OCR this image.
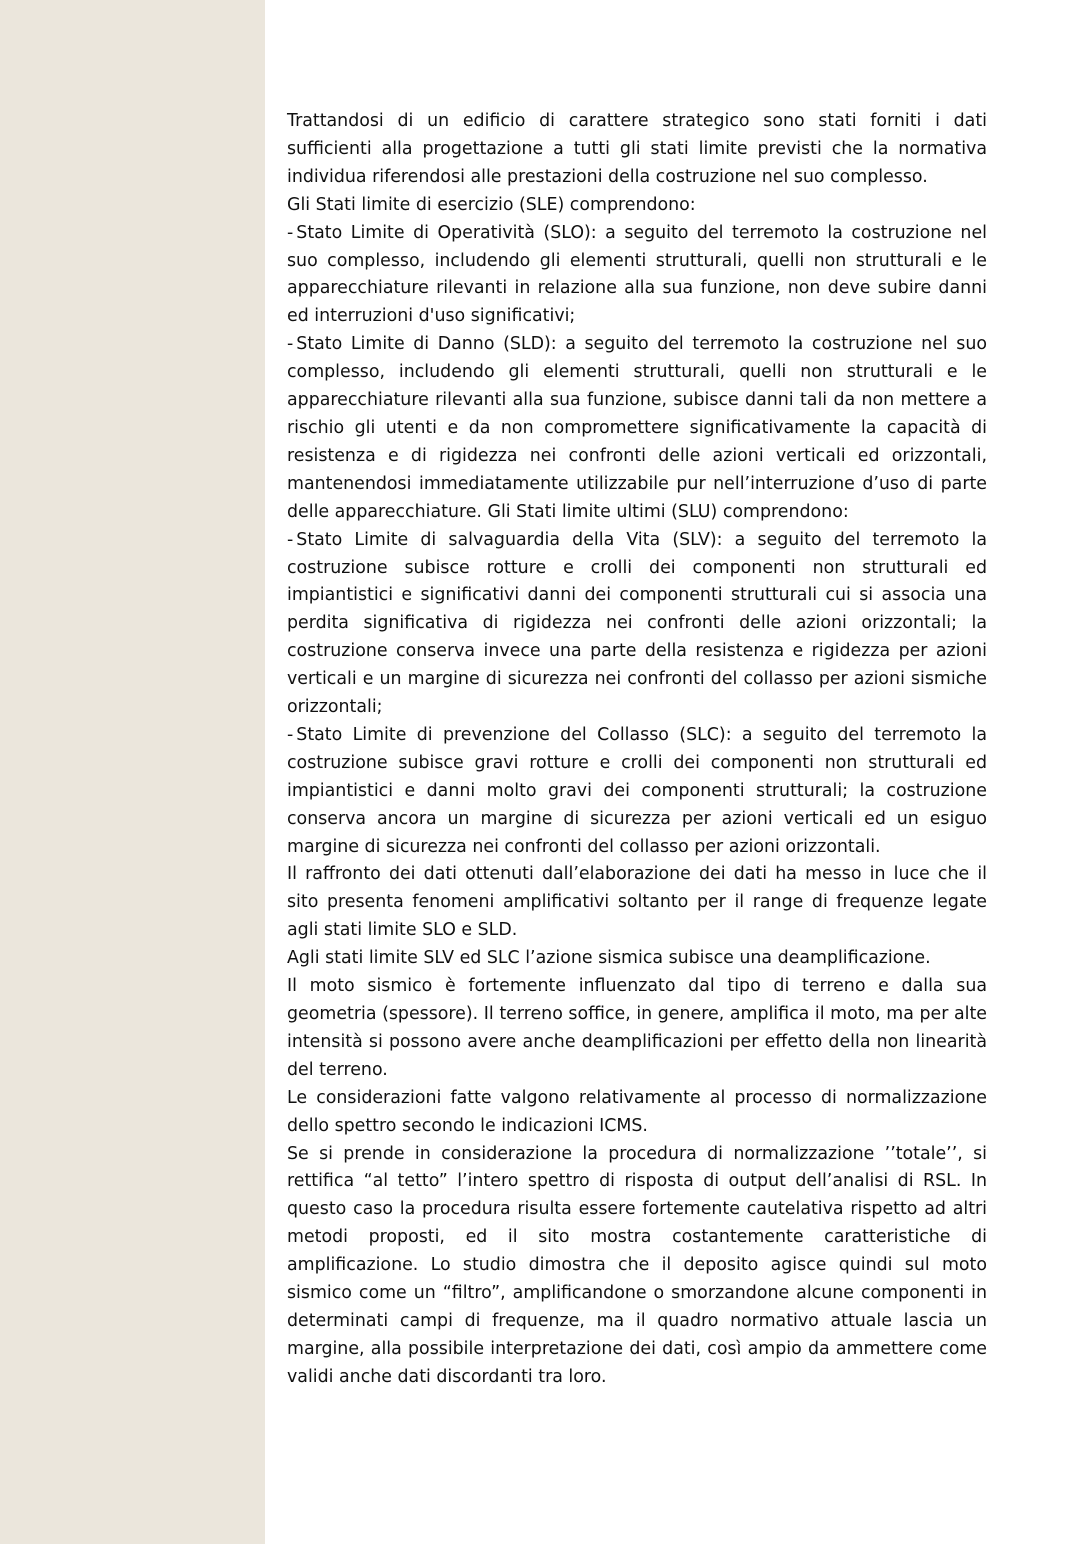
Trattandosi di un edificio di carattere strategico sono stati forniti i dati sufficienti alla progettazione a tutti gli stati limite previsti che la normativa individua riferendosi alle prestazioni della costruzione nel suo complesso.

Gli Stati limite di esercizio (SLE) comprendono:

- Stato Limite di Operatività (SLO): a seguito del terremoto la costruzione nel suo complesso, includendo gli elementi strutturali, quelli non strutturali e le apparecchiature rilevanti in relazione alla sua funzione, non deve subire danni ed interruzioni d'uso significativi;

- Stato Limite di Danno (SLD): a seguito del terremoto la costruzione nel suo complesso, includendo gli elementi strutturali, quelli non strutturali e le apparecchiature rilevanti alla sua funzione, subisce danni tali da non mettere a rischio gli utenti e da non compromettere significativamente la capacità di resistenza e di rigidezza nei confronti delle azioni verticali ed orizzontali, mantenendosi immediatamente utilizzabile pur nell’interruzione d’uso di parte delle apparecchiature. Gli Stati limite ultimi (SLU) comprendono:

- Stato Limite di salvaguardia della Vita (SLV): a seguito del terremoto la costruzione subisce rotture e crolli dei componenti non strutturali ed impiantistici e significativi danni dei componenti strutturali cui si associa una perdita significativa di rigidezza nei confronti delle azioni orizzontali; la costruzione conserva invece una parte della resistenza e rigidezza per azioni verticali e un margine di sicurezza nei confronti del collasso per azioni sismiche orizzontali;

- Stato Limite di prevenzione del Collasso (SLC): a seguito del terremoto la costruzione subisce gravi rotture e crolli dei componenti non strutturali ed impiantistici e danni molto gravi dei componenti strutturali; la costruzione conserva ancora un margine di sicurezza per azioni verticali ed un esiguo margine di sicurezza nei confronti del collasso per azioni orizzontali.

Il raffronto dei dati ottenuti dall’elaborazione dei dati ha messo in luce che il sito presenta fenomeni amplificativi soltanto per il range di frequenze legate agli stati limite SLO e SLD.

Agli stati limite SLV ed SLC l’azione sismica subisce una deamplificazione.

Il moto sismico è fortemente influenzato dal tipo di terreno e dalla sua geometria (spessore). Il terreno soffice, in genere, amplifica il moto, ma per alte intensità si possono avere anche deamplificazioni per effetto della non linearità del terreno.

Le considerazioni fatte valgono relativamente al processo di normalizzazione dello spettro secondo le indicazioni ICMS.

Se si prende in considerazione la procedura di normalizzazione ’’totale’’, si rettifica “al tetto” l’intero spettro di risposta di output dell’analisi di RSL. In questo caso la procedura risulta essere fortemente cautelativa rispetto ad altri metodi proposti, ed il sito mostra costantemente caratteristiche di amplificazione. Lo studio dimostra che il deposito agisce quindi sul moto sismico come un “filtro”, amplificandone o smorzandone alcune componenti in determinati campi di frequenze, ma il quadro normativo attuale lascia un margine, alla possibile interpretazione dei dati, così ampio da ammettere come validi anche dati discordanti tra loro.
